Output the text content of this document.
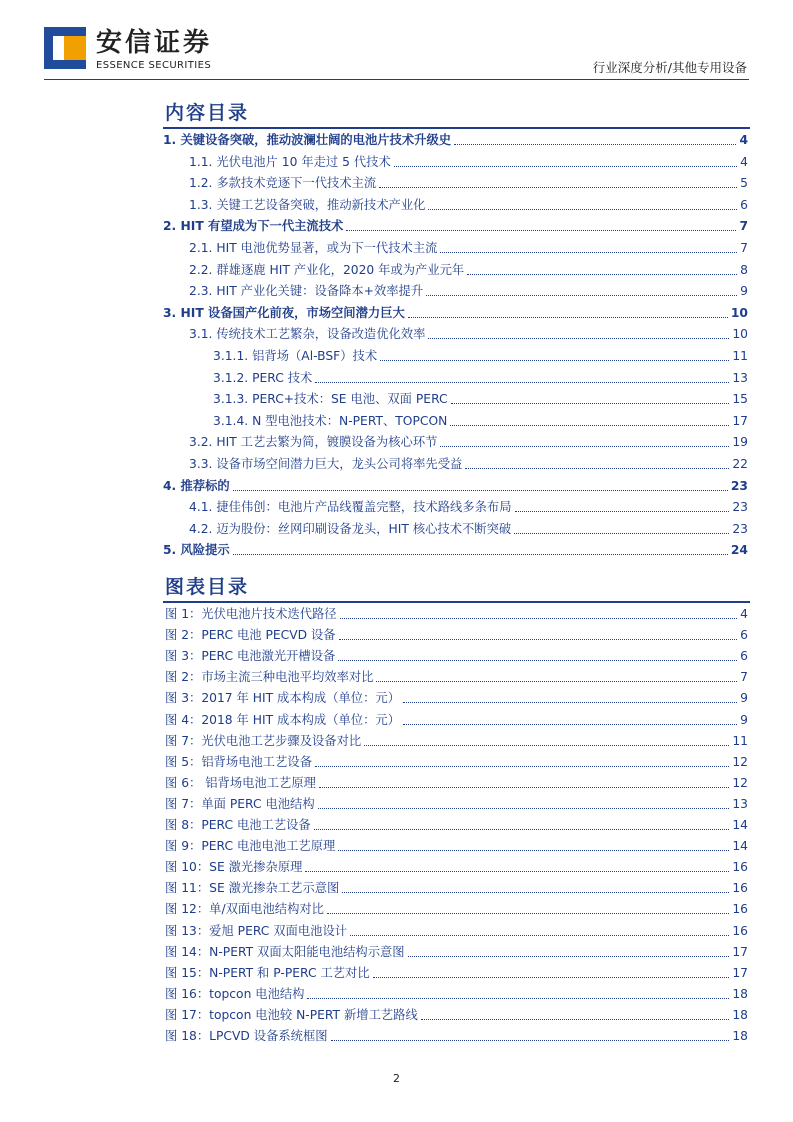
安信证券
ESSENCE SECURITIES	行业深度分析/其他专用设备
内容目录
1. 关键设备突破，推动波澜壮阔的电池片技术升级史	4
1.1. 光伏电池片 10 年走过 5 代技术	4
1.2. 多款技术竞逐下一代技术主流	5
1.3. 关键工艺设备突破，推动新技术产业化	6
2. HIT 有望成为下一代主流技术	7
2.1. HIT 电池优势显著，或为下一代技术主流	7
2.2. 群雄逐鹿 HIT 产业化，2020 年或为产业元年	8
2.3. HIT 产业化关键：设备降本+效率提升	9
3. HIT 设备国产化前夜，市场空间潜力巨大	10
3.1. 传统技术工艺繁杂，设备改造优化效率	10
3.1.1. 铝背场（Al-BSF）技术	11
3.1.2. PERC 技术	13
3.1.3. PERC+技术：SE 电池、双面 PERC	15
3.1.4. N 型电池技术：N-PERT、TOPCON	17
3.2. HIT 工艺去繁为简，镀膜设备为核心环节	19
3.3. 设备市场空间潜力巨大，龙头公司将率先受益	22
4. 推荐标的	23
4.1. 捷佳伟创：电池片产品线覆盖完整，技术路线多条布局	23
4.2. 迈为股份：丝网印刷设备龙头，HIT 核心技术不断突破	23
5. 风险提示	24
图表目录
图 1：光伏电池片技术迭代路径	4
图 2：PERC 电池 PECVD 设备	6
图 3：PERC 电池激光开槽设备	6
图 2：市场主流三种电池平均效率对比	7
图 3：2017 年 HIT 成本构成（单位：元）	9
图 4：2018 年 HIT 成本构成（单位：元）	9
图 7：光伏电池工艺步骤及设备对比	11
图 5：铝背场电池工艺设备	12
图 6： 铝背场电池工艺原理	12
图 7：单面 PERC 电池结构	13
图 8：PERC 电池工艺设备	14
图 9：PERC 电池电池工艺原理	14
图 10：SE 激光掺杂原理	16
图 11：SE 激光掺杂工艺示意图	16
图 12：单/双面电池结构对比	16
图 13：爱旭 PERC 双面电池设计	16
图 14：N-PERT 双面太阳能电池结构示意图	17
图 15：N-PERT 和 P-PERC 工艺对比	17
图 16：topcon 电池结构	18
图 17：topcon 电池较 N-PERT 新增工艺路线	18
图 18：LPCVD 设备系统框图	18
2
